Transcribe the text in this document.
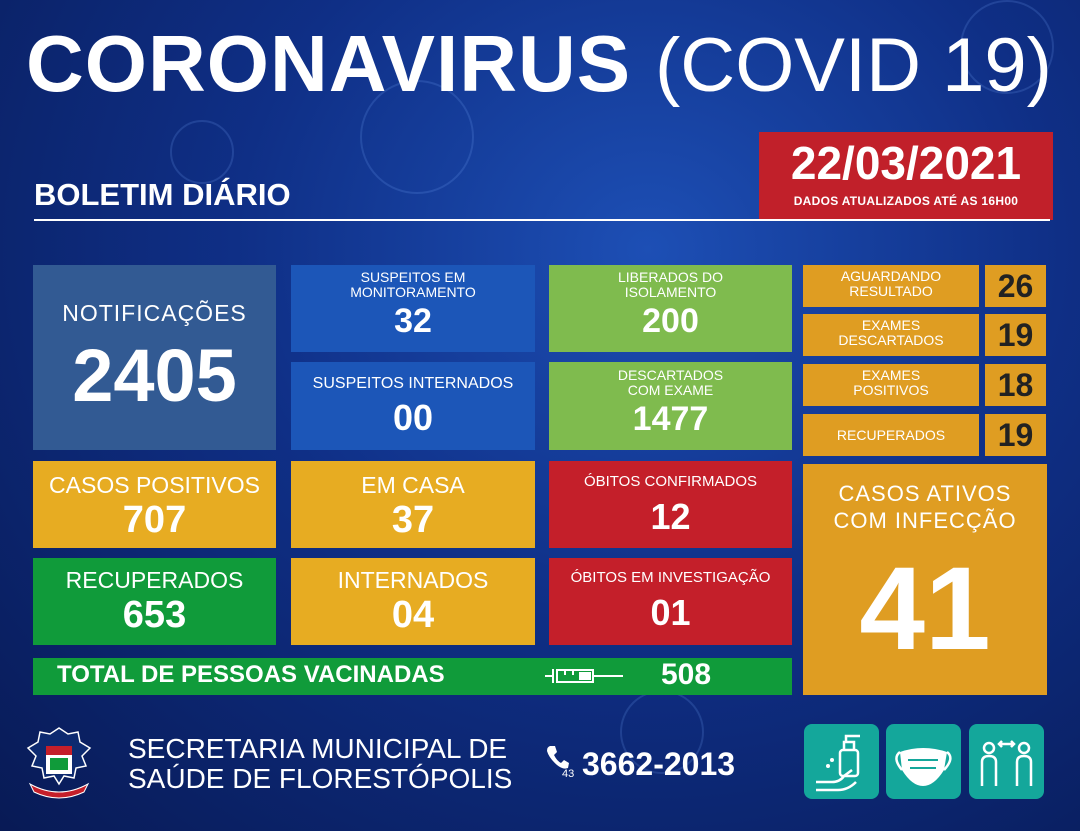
CORONAVIRUS (COVID 19)
22/03/2021
DADOS ATUALIZADOS ATÉ AS 16H00
BOLETIM DIÁRIO
NOTIFICAÇÕES
2405
CASOS POSITIVOS
707
RECUPERADOS
653
SUSPEITOS EM
MONITORAMENTO
32
SUSPEITOS INTERNADOS
00
EM CASA
37
INTERNADOS
04
LIBERADOS DO
ISOLAMENTO
200
DESCARTADOS
COM EXAME
1477
ÓBITOS CONFIRMADOS
12
ÓBITOS EM INVESTIGAÇÃO
01
AGUARDANDO
RESULTADO	26
EXAMES
DESCARTADOS	19
EXAMES
POSITIVOS	18
RECUPERADOS	19
CASOS ATIVOS
COM INFECÇÃO
41
TOTAL DE PESSOAS VACINADAS	508
SECRETARIA MUNICIPAL DE
SAÚDE DE FLORESTÓPOLIS	43 3662-2013
